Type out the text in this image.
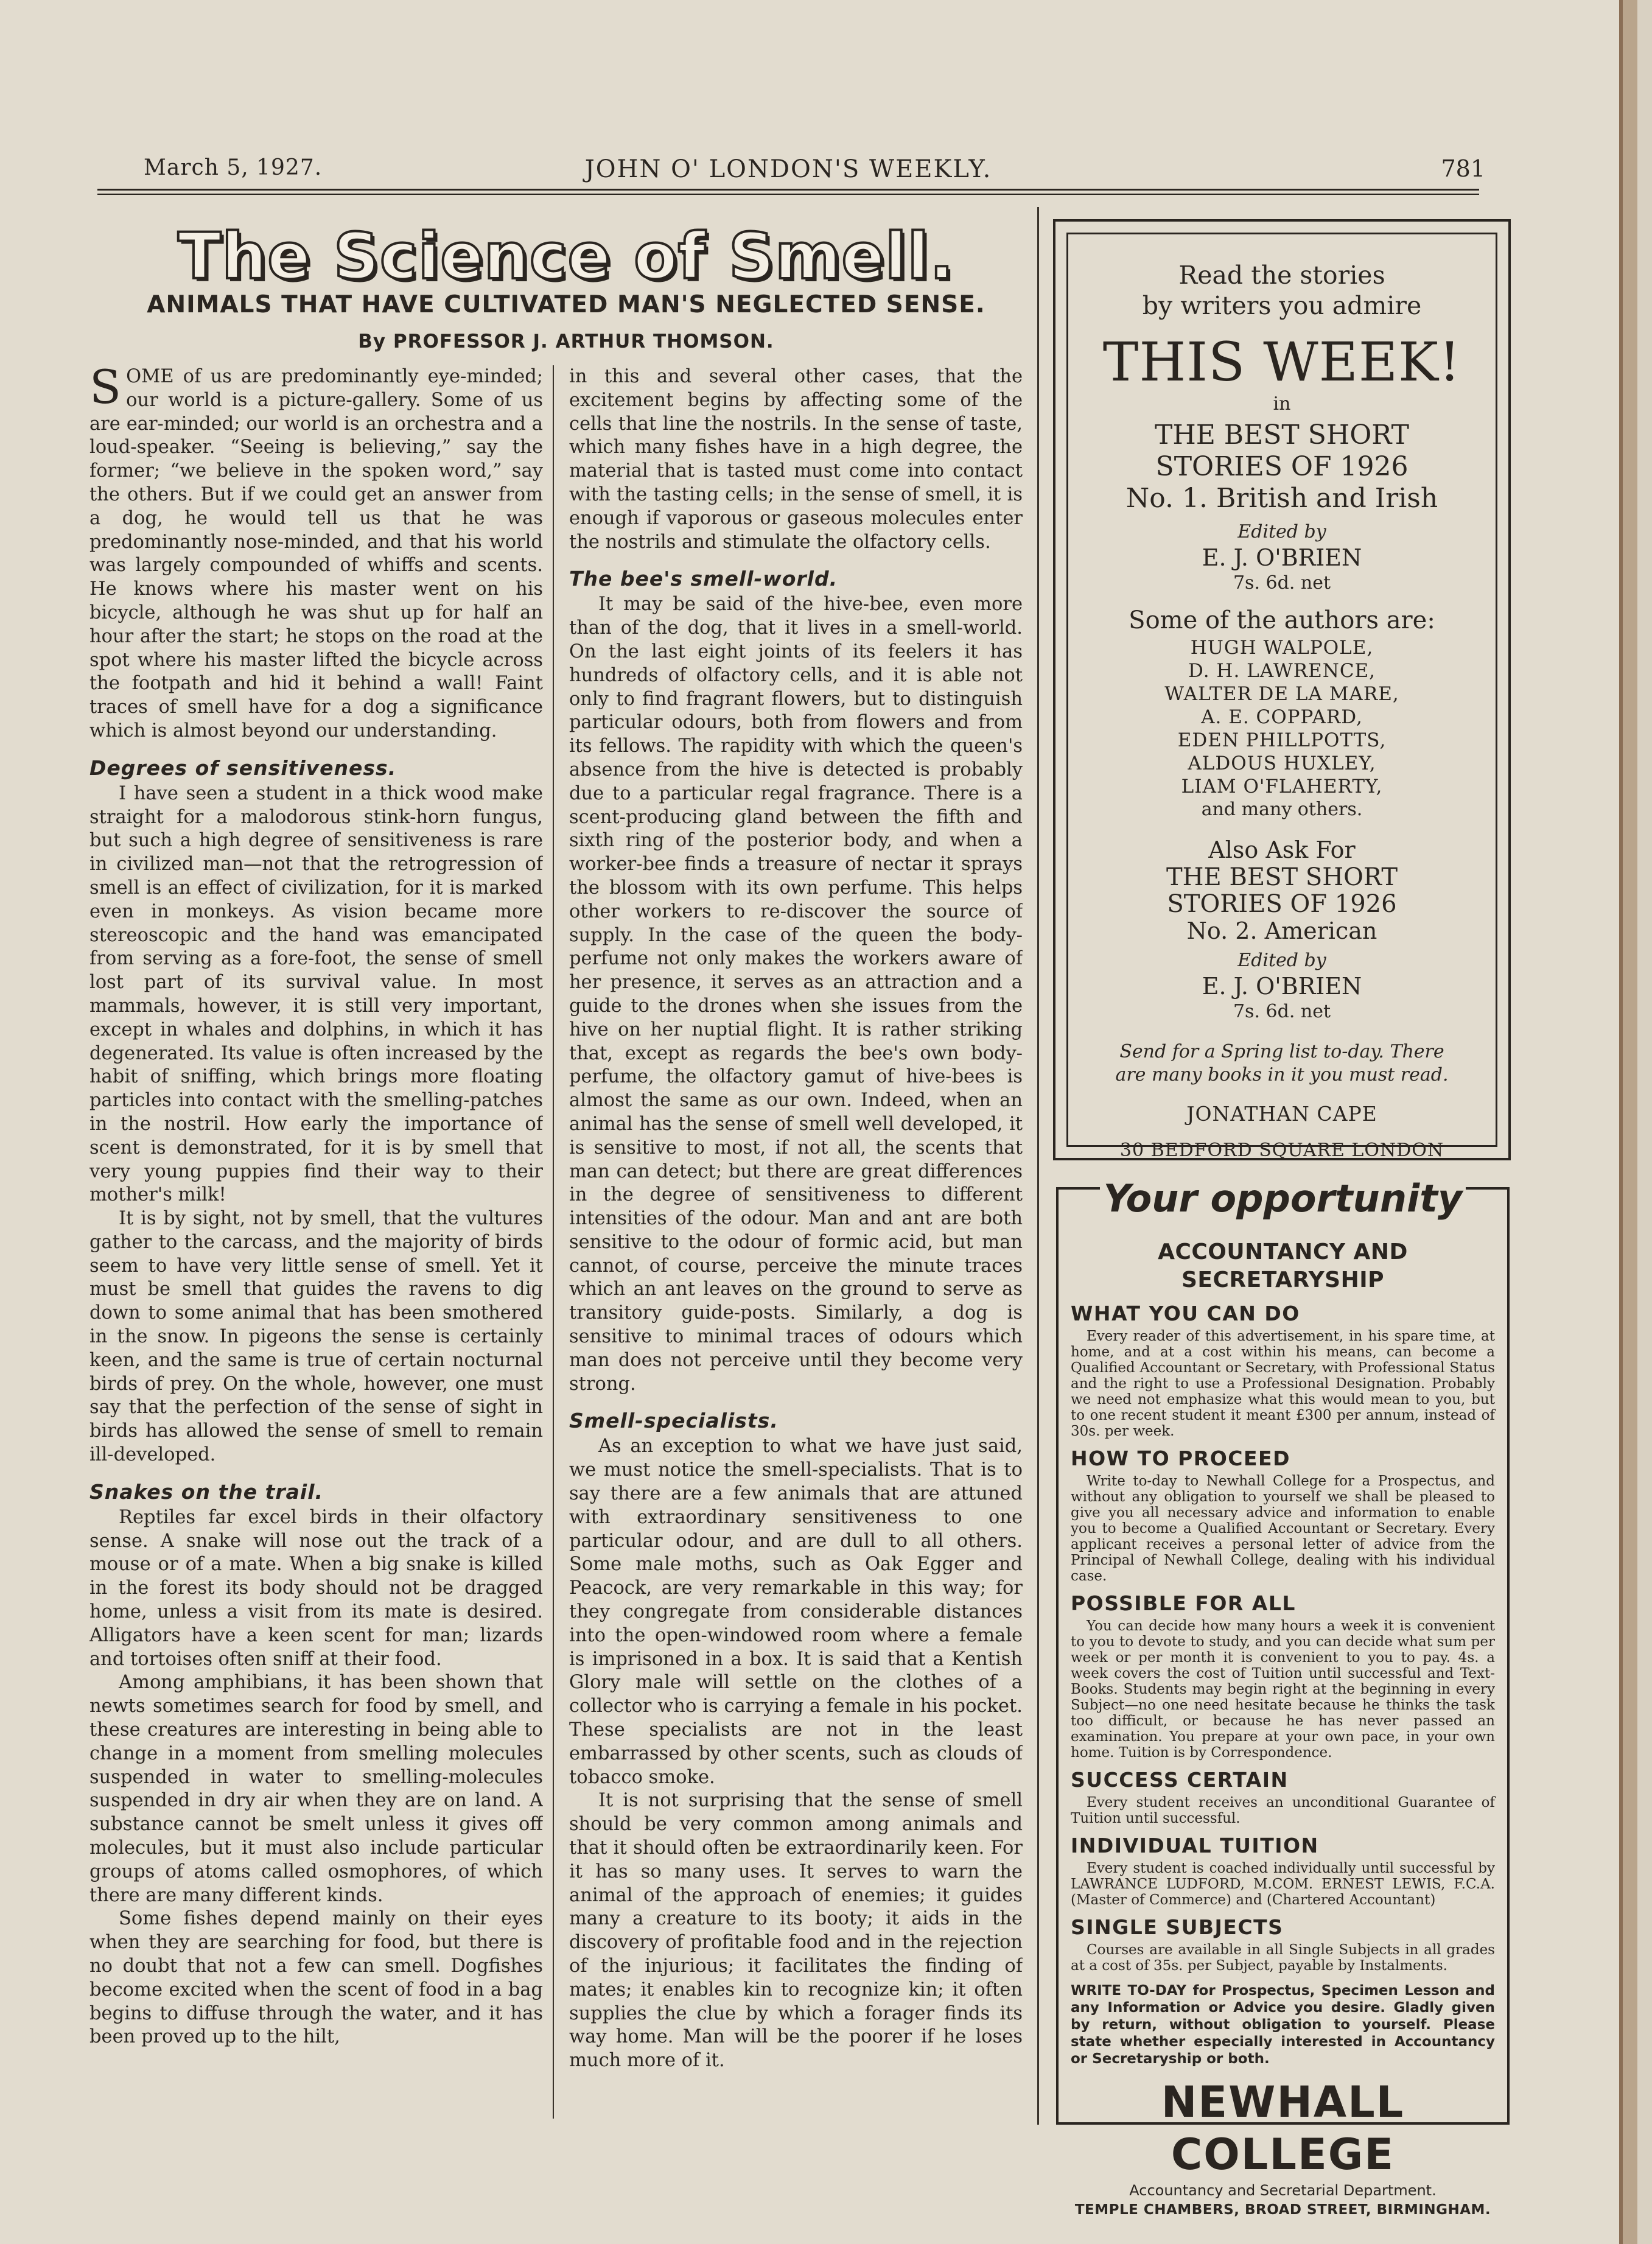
March 5, 1927.	JOHN O' LONDON'S WEEKLY.	781
The Science of Smell.
ANIMALS THAT HAVE CULTIVATED MAN'S NEGLECTED SENSE.
By PROFESSOR J. ARTHUR THOMSON.

SOME of us are predominantly eye-minded; our world is a picture-gallery. Some of us are ear-minded; our world is an orchestra and a loud-speaker. “Seeing is believing,” say the former; “we believe in the spoken word,” say the others. But if we could get an answer from a dog, he would tell us that he was predominantly nose-minded, and that his world was largely compounded of whiffs and scents. He knows where his master went on his bicycle, although he was shut up for half an hour after the start; he stops on the road at the spot where his master lifted the bicycle across the footpath and hid it behind a wall! Faint traces of smell have for a dog a significance which is almost beyond our understanding.

Degrees of sensitiveness.

I have seen a student in a thick wood make straight for a malodorous stink-horn fungus, but such a high degree of sensitiveness is rare in civilized man—not that the retrogression of smell is an effect of civilization, for it is marked even in monkeys. As vision became more stereoscopic and the hand was emancipated from serving as a fore-foot, the sense of smell lost part of its survival value. In most mammals, however, it is still very important, except in whales and dolphins, in which it has degenerated. Its value is often increased by the habit of sniffing, which brings more floating particles into contact with the smelling-patches in the nostril. How early the importance of scent is demonstrated, for it is by smell that very young puppies find their way to their mother's milk!

It is by sight, not by smell, that the vultures gather to the carcass, and the majority of birds seem to have very little sense of smell. Yet it must be smell that guides the ravens to dig down to some animal that has been smothered in the snow. In pigeons the sense is certainly keen, and the same is true of certain nocturnal birds of prey. On the whole, however, one must say that the perfection of the sense of sight in birds has allowed the sense of smell to remain ill-developed.

Snakes on the trail.

Reptiles far excel birds in their olfactory sense. A snake will nose out the track of a mouse or of a mate. When a big snake is killed in the forest its body should not be dragged home, unless a visit from its mate is desired. Alligators have a keen scent for man; lizards and tortoises often sniff at their food.

Among amphibians, it has been shown that newts sometimes search for food by smell, and these creatures are interesting in being able to change in a moment from smelling molecules suspended in water to smelling-molecules suspended in dry air when they are on land. A substance cannot be smelt unless it gives off molecules, but it must also include particular groups of atoms called osmophores, of which there are many different kinds.

Some fishes depend mainly on their eyes when they are searching for food, but there is no doubt that not a few can smell. Dogfishes become excited when the scent of food in a bag begins to diffuse through the water, and it has been proved up to the hilt,

in this and several other cases, that the excitement begins by affecting some of the cells that line the nostrils. In the sense of taste, which many fishes have in a high degree, the material that is tasted must come into contact with the tasting cells; in the sense of smell, it is enough if vaporous or gaseous molecules enter the nostrils and stimulate the olfactory cells.

The bee's smell-world.

It may be said of the hive-bee, even more than of the dog, that it lives in a smell-world. On the last eight joints of its feelers it has hundreds of olfactory cells, and it is able not only to find fragrant flowers, but to distinguish particular odours, both from flowers and from its fellows. The rapidity with which the queen's absence from the hive is detected is probably due to a particular regal fragrance. There is a scent-producing gland between the fifth and sixth ring of the posterior body, and when a worker-bee finds a treasure of nectar it sprays the blossom with its own perfume. This helps other workers to re-discover the source of supply. In the case of the queen the body-perfume not only makes the workers aware of her presence, it serves as an attraction and a guide to the drones when she issues from the hive on her nuptial flight. It is rather striking that, except as regards the bee's own body-perfume, the olfactory gamut of hive-bees is almost the same as our own. Indeed, when an animal has the sense of smell well developed, it is sensitive to most, if not all, the scents that man can detect; but there are great differences in the degree of sensitiveness to different intensities of the odour. Man and ant are both sensitive to the odour of formic acid, but man cannot, of course, perceive the minute traces which an ant leaves on the ground to serve as transitory guide-posts. Similarly, a dog is sensitive to minimal traces of odours which man does not perceive until they become very strong.

Smell-specialists.

As an exception to what we have just said, we must notice the smell-specialists. That is to say there are a few animals that are attuned with extraordinary sensitiveness to one particular odour, and are dull to all others. Some male moths, such as Oak Egger and Peacock, are very remarkable in this way; for they congregate from considerable distances into the open-windowed room where a female is imprisoned in a box. It is said that a Kentish Glory male will settle on the clothes of a collector who is carrying a female in his pocket. These specialists are not in the least embarrassed by other scents, such as clouds of tobacco smoke.

It is not surprising that the sense of smell should be very common among animals and that it should often be extraordinarily keen. For it has so many uses. It serves to warn the animal of the approach of enemies; it guides many a creature to its booty; it aids in the discovery of profitable food and in the rejection of the injurious; it facilitates the finding of mates; it enables kin to recognize kin; it often supplies the clue by which a forager finds its way home. Man will be the poorer if he loses much more of it.

Read the stories
by writers you admire
THIS WEEK!
in
THE BEST SHORT
STORIES OF 1926
No. 1. British and Irish
Edited by
E. J. O'BRIEN
7s. 6d. net
Some of the authors are:
HUGH WALPOLE,
D. H. LAWRENCE,
WALTER DE LA MARE,
A. E. COPPARD,
EDEN PHILLPOTTS,
ALDOUS HUXLEY,
LIAM O'FLAHERTY,
and many others.
Also Ask For
THE BEST SHORT
STORIES OF 1926
No. 2. American
Edited by
E. J. O'BRIEN
7s. 6d. net
Send for a Spring list to-day. There
are many books in it you must read.
JONATHAN CAPE
30 BEDFORD SQUARE LONDON
Your opportunity
ACCOUNTANCY AND SECRETARYSHIP
WHAT YOU CAN DO

Every reader of this advertisement, in his spare time, at home, and at a cost within his means, can become a Qualified Accountant or Secretary, with Professional Status and the right to use a Professional Designation. Probably we need not emphasize what this would mean to you, but to one recent student it meant £300 per annum, instead of 30s. per week.

HOW TO PROCEED

Write to-day to Newhall College for a Prospectus, and without any obligation to yourself we shall be pleased to give you all necessary advice and information to enable you to become a Qualified Accountant or Secretary. Every applicant receives a personal letter of advice from the Principal of Newhall College, dealing with his individual case.

POSSIBLE FOR ALL

You can decide how many hours a week it is convenient to you to devote to study, and you can decide what sum per week or per month it is convenient to you to pay. 4s. a week covers the cost of Tuition until successful and Text-Books. Students may begin right at the beginning in every Subject—no one need hesitate because he thinks the task too difficult, or because he has never passed an examination. You prepare at your own pace, in your own home. Tuition is by Correspondence.

SUCCESS CERTAIN

Every student receives an unconditional Guarantee of Tuition until successful.

INDIVIDUAL TUITION

Every student is coached individually until successful by LAWRANCE LUDFORD, M.COM. ERNEST LEWIS, F.C.A. (Master of Commerce) and (Chartered Accountant)

SINGLE SUBJECTS

Courses are available in all Single Subjects in all grades at a cost of 35s. per Subject, payable by Instalments.

WRITE TO-DAY for Prospectus, Specimen Lesson and any Information or Advice you desire. Gladly given by return, without obligation to yourself. Please state whether especially interested in Accountancy or Secretaryship or both.

NEWHALL COLLEGE
Accountancy and Secretarial Department.
TEMPLE CHAMBERS, BROAD STREET, BIRMINGHAM.
